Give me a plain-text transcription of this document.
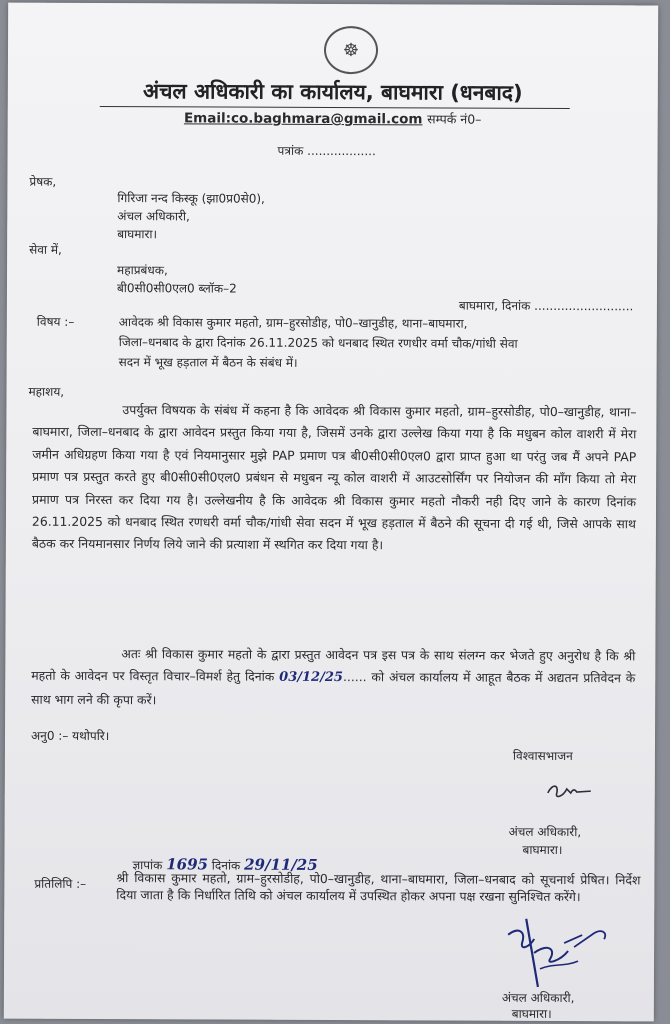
☸
अंचल अधिकारी का कार्यालय, बाघमारा (धनबाद)
Email:co.baghmara@gmail.com सम्पर्क नं0–
पत्रांक ..................
प्रेषक,
गिरिजा नन्द किस्कू (झा0प्र0से0),
अंचल अधिकारी,
बाघमारा।
सेवा में,
महाप्रबंधक,
बी0सी0सी0एल0 ब्लॉक–2
बाघमारा, दिनांक ..........................
विषय :–	आवेदक श्री विकास कुमार महतो, ग्राम–हुरसोडीह, पो0–खानुडीह, थाना–बाघमारा,
जिला–धनबाद के द्वारा दिनांक 26.11.2025 को धनबाद स्थित रणधीर वर्मा चौक/गांधी सेवा
सदन में भूख हड़ताल में बैठन के संबंध में।
महाशय,
उपर्युक्त विषयक के संबंध में कहना है कि आवेदक श्री विकास कुमार महतो, ग्राम–हुरसोडीह, पो0–खानुडीह, थाना–बाघमारा, जिला–धनबाद के द्वारा आवेदन प्रस्तुत किया गया है, जिसमें उनके द्वारा उल्लेख किया गया है कि मधुबन कोल वाशरी में मेरा जमीन अधिग्रहण किया गया है एवं नियमानुसार मुझे PAP प्रमाण पत्र बी0सी0सी0एल0 द्वारा प्राप्त हुआ था परंतु जब मैं अपने PAP प्रमाण पत्र प्रस्तुत करते हुए बी0सी0सी0एल0 प्रबंधन से मधुबन न्यू कोल वाशरी में आउटसोर्सिंग पर नियोजन की मॉंग किया तो मेरा प्रमाण पत्र निरस्त कर दिया गय है। उल्लेखनीय है कि आवेदक श्री विकास कुमार महतो नौकरी नही दिए जाने के कारण दिनांक 26.11.2025 को धनबाद स्थित रणधरी वर्मा चौक/गांधी सेवा सदन में भूख हड़ताल में बैठने की सूचना दी गई थी, जिसे आपके साथ बैठक कर नियमानसार निर्णय लिये जाने की प्रत्याशा में स्थगित कर दिया गया है।
अतः श्री विकास कुमार महतो के द्वारा प्रस्तुत आवेदन पत्र इस पत्र के साथ संलग्न कर भेजते हुए अनुरोध है कि श्री महतो के आवेदन पर विस्तृत विचार–विमर्श हेतु दिनांक 03/12/25...... को अंचल कार्यालय में आहूत बैठक में अद्यतन प्रतिवेदन के साथ भाग लने की कृपा करें।
अनु0 :– यथोपरि।
विश्वासभाजन
अंचल अधिकारी,
बाघमारा।
ज्ञापांक 1695 दिनांक 29/11/25
प्रतिलिपि :– श्री विकास कुमार महतो, ग्राम–हुरसोडीह, पो0–खानुडीह, थाना–बाघमारा, जिला–धनबाद को सूचनार्थ प्रेषित। निर्देश दिया जाता है कि निर्धारित तिथि को अंचल कार्यालय में उपस्थित होकर अपना पक्ष रखना सुनिश्चित करेंगे।
अंचल अधिकारी,
बाघमारा।
